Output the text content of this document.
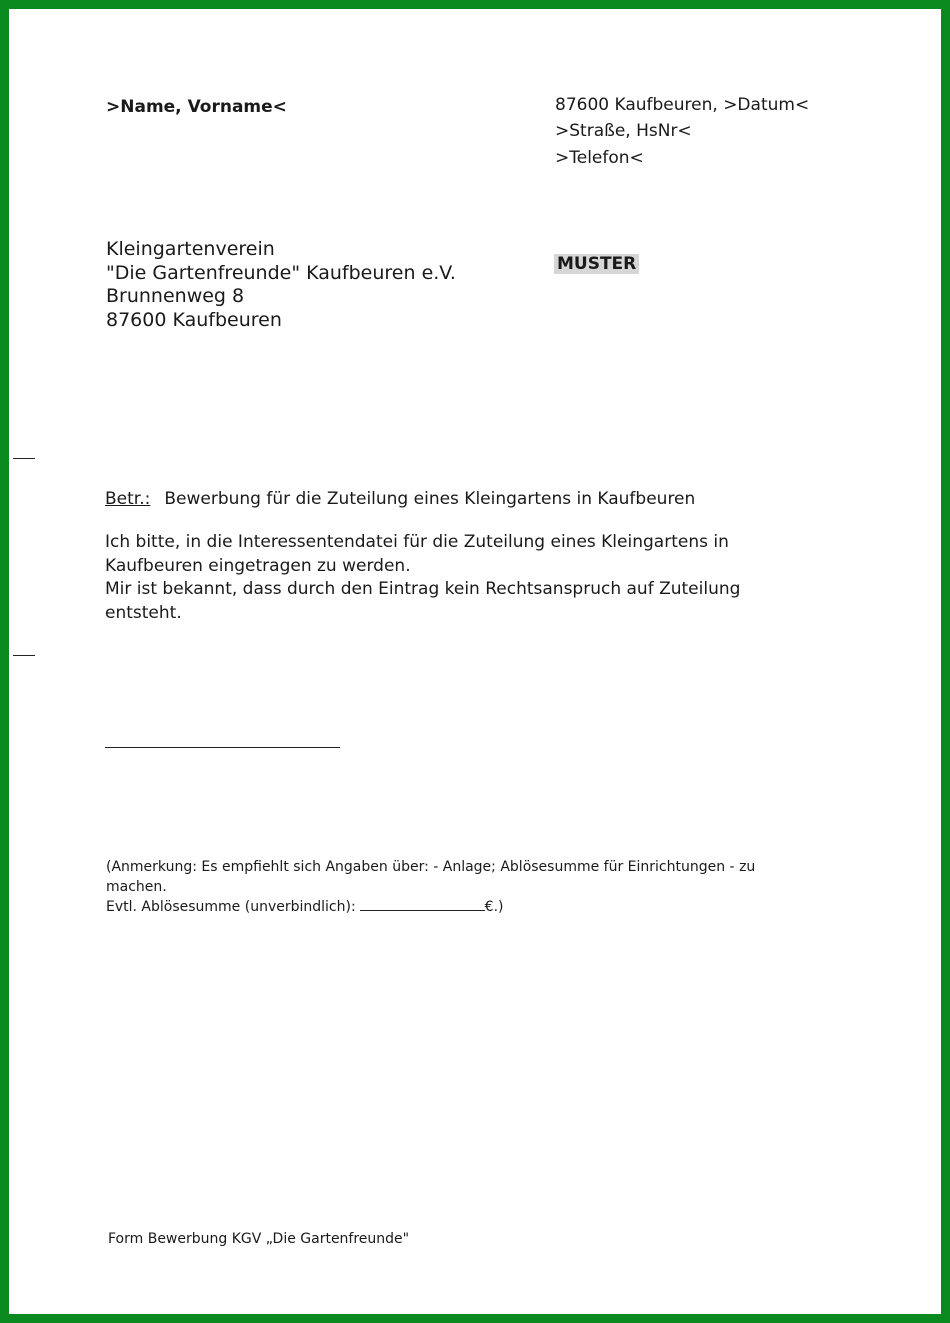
>Name, Vorname<	87600 Kaufbeuren, >Datum<
>Straße, HsNr<
>Telefon<
Kleingartenverein
"Die Gartenfreunde" Kaufbeuren e.V.
Brunnenweg 8
87600 Kaufbeuren
MUSTER
Betr.: Bewerbung für die Zuteilung eines Kleingartens in Kaufbeuren

Ich bitte, in die Interessentendatei für die Zuteilung eines Kleingartens in Kaufbeuren eingetragen zu werden.

Mir ist bekannt, dass durch den Eintrag kein Rechtsanspruch auf Zuteilung entsteht.

(Anmerkung: Es empfiehlt sich Angaben über: - Anlage; Ablösesumme für Einrichtungen - zu machen.

Evtl. Ablösesumme (unverbindlich):	€.)

Form Bewerbung KGV „Die Gartenfreunde"
